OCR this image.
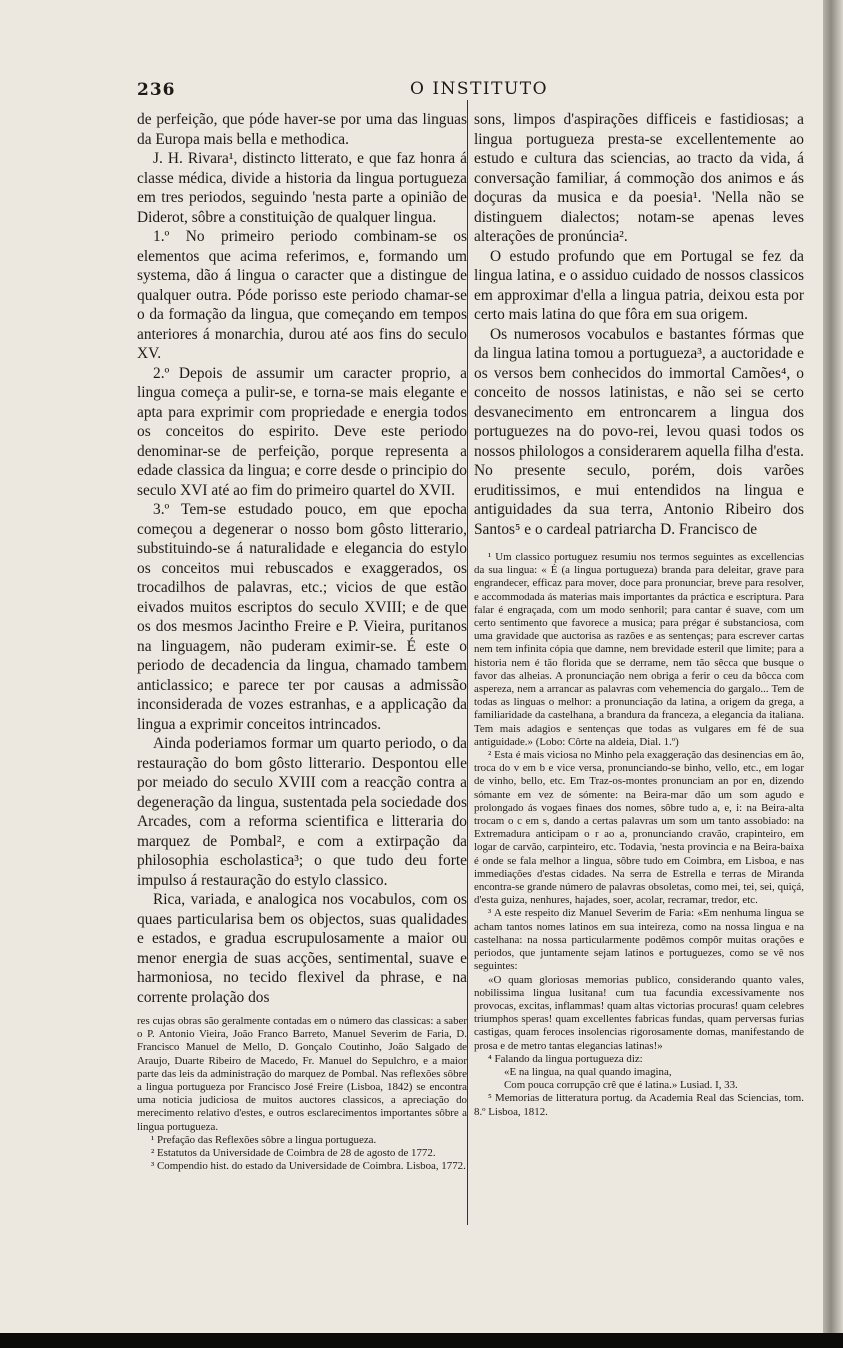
236	O INSTITUTO

de perfeição, que póde haver-se por uma das linguas da Europa mais bella e methodica.

J. H. Rivara¹, distincto litterato, e que faz honra á classe médica, divide a historia da lingua portugueza em tres periodos, seguindo 'nesta parte a opinião de Diderot, sôbre a constituição de qualquer lingua.

1.º No primeiro periodo combinam-se os elementos que acima referimos, e, formando um systema, dão á lingua o caracter que a distingue de qualquer outra. Póde porisso este periodo chamar-se o da formação da lingua, que começando em tempos anteriores á monarchia, durou até aos fins do seculo XV.

2.º Depois de assumir um caracter proprio, a lingua começa a pulir-se, e torna-se mais elegante e apta para exprimir com propriedade e energia todos os conceitos do espirito. Deve este periodo denominar-se de perfeição, porque representa a edade classica da lingua; e corre desde o principio do seculo XVI até ao fim do primeiro quartel do XVII.

3.º Tem-se estudado pouco, em que epocha começou a degenerar o nosso bom gôsto litterario, substituindo-se á naturalidade e elegancia do estylo os conceitos mui rebuscados e exaggerados, os trocadilhos de palavras, etc.; vicios de que estão eivados muitos escriptos do seculo XVIII; e de que os dos mesmos Jacintho Freire e P. Vieira, puritanos na linguagem, não puderam eximir-se. É este o periodo de decadencia da lingua, chamado tambem anticlassico; e parece ter por causas a admissão inconsiderada de vozes estranhas, e a applicação da lingua a exprimir conceitos intrincados.

Ainda poderiamos formar um quarto periodo, o da restauração do bom gôsto litterario. Despontou elle por meiado do seculo XVIII com a reacção contra a degeneração da lingua, sustentada pela sociedade dos Arcades, com a reforma scientifica e litteraria do marquez de Pombal², e com a extirpação da philosophia escholastica³; o que tudo deu forte impulso á restauração do estylo classico.

Rica, variada, e analogica nos vocabulos, com os quaes particularisa bem os objectos, suas qualidades e estados, e gradua escrupulosamente a maior ou menor energia de suas acções, sentimental, suave e harmoniosa, no tecido flexivel da phrase, e na corrente prolação dos

res cujas obras são geralmente contadas em o número das classicas: a saber o P. Antonio Vieira, João Franco Barreto, Manuel Severim de Faria, D. Francisco Manuel de Mello, D. Gonçalo Coutinho, João Salgado de Araujo, Duarte Ribeiro de Macedo, Fr. Manuel do Sepulchro, e a maior parte das leis da administração do marquez de Pombal. Nas reflexões sôbre a lingua portugueza por Francisco José Freire (Lisboa, 1842) se encontra uma noticia judiciosa de muitos auctores classicos, a apreciação do merecimento relativo d'estes, e outros esclarecimentos importantes sôbre a lingua portugueza.

¹ Prefação das Reflexões sôbre a lingua portugueza.

² Estatutos da Universidade de Coimbra de 28 de agosto de 1772.

³ Compendio hist. do estado da Universidade de Coimbra. Lisboa, 1772.

sons, limpos d'aspirações difficeis e fastidiosas; a lingua portugueza presta-se excellentemente ao estudo e cultura das sciencias, ao tracto da vida, á conversação familiar, á commoção dos animos e ás doçuras da musica e da poesia¹. 'Nella não se distinguem dialectos; notam-se apenas leves alterações de pronúncia².

O estudo profundo que em Portugal se fez da lingua latina, e o assiduo cuidado de nossos classicos em approximar d'ella a lingua patria, deixou esta por certo mais latina do que fôra em sua origem.

Os numerosos vocabulos e bastantes fórmas que da lingua latina tomou a portugueza³, a auctoridade e os versos bem conhecidos do immortal Camões⁴, o conceito de nossos latinistas, e não sei se certo desvanecimento em entroncarem a lingua dos portuguezes na do povo-rei, levou quasi todos os nossos philologos a considerarem aquella filha d'esta. No presente seculo, porém, dois varões eruditissimos, e mui entendidos na lingua e antiguidades da sua terra, Antonio Ribeiro dos Santos⁵ e o cardeal patriarcha D. Francisco de

¹ Um classico portuguez resumiu nos termos seguintes as excellencias da sua lingua: « É (a lingua portugueza) branda para deleitar, grave para engrandecer, efficaz para mover, doce para pronunciar, breve para resolver, e accommodada ás materias mais importantes da práctica e escriptura. Para falar é engraçada, com um modo senhoril; para cantar é suave, com um certo sentimento que favorece a musica; para prégar é substanciosa, com uma gravidade que auctorisa as razões e as sentenças; para escrever cartas nem tem infinita cópia que damne, nem brevidade esteril que limite; para a historia nem é tão florida que se derrame, nem tão sêcca que busque o favor das alheias. A pronunciação nem obriga a ferir o ceu da bôcca com aspereza, nem a arrancar as palavras com vehemencia do gargalo... Tem de todas as linguas o melhor: a pronunciação da latina, a origem da grega, a familiaridade da castelhana, a brandura da franceza, a elegancia da italiana. Tem mais adagios e sentenças que todas as vulgares em fé de sua antiguidade.» (Lobo: Côrte na aldeia, Dial. 1.º)

² Esta é mais viciosa no Minho pela exaggeração das desinencias em ão, troca do v em b e vice versa, pronunciando-se binho, vello, etc., em logar de vinho, bello, etc. Em Traz-os-montes pronunciam an por en, dizendo sómante em vez de sómente: na Beira-mar dão um som agudo e prolongado ás vogaes finaes dos nomes, sôbre tudo a, e, i: na Beira-alta trocam o c em s, dando a certas palavras um som um tanto assobiado: na Extremadura anticipam o r ao a, pronunciando cravão, crapinteiro, em logar de carvão, carpinteiro, etc. Todavia, 'nesta provincia e na Beira-baixa é onde se fala melhor a lingua, sôbre tudo em Coimbra, em Lisboa, e nas immediações d'estas cidades. Na serra de Estrella e terras de Miranda encontra-se grande número de palavras obsoletas, como mei, tei, sei, quiçá, d'esta guiza, nenhures, hajades, soer, acolar, recramar, tredor, etc.

³ A este respeito diz Manuel Severim de Faria: «Em nenhuma lingua se acham tantos nomes latinos em sua inteireza, como na nossa lingua e na castelhana: na nossa particularmente podêmos compôr muitas orações e periodos, que juntamente sejam latinos e portuguezes, como se vê nos seguintes:

«O quam gloriosas memorias publico, considerando quanto vales, nobilissima lingua lusitana! cum tua facundia excessivamente nos provocas, excitas, inflammas! quam altas victorias procuras! quam celebres triumphos speras! quam excellentes fabricas fundas, quam perversas furias castigas, quam feroces insolencias rigorosamente domas, manifestando de prosa e de metro tantas elegancias latinas!»

⁴ Falando da lingua portugueza diz:

«E na lingua, na qual quando imagina,

Com pouca corrupção crê que é latina.» Lusiad. I, 33.

⁵ Memorias de litteratura portug. da Academia Real das Sciencias, tom. 8.º Lisboa, 1812.
